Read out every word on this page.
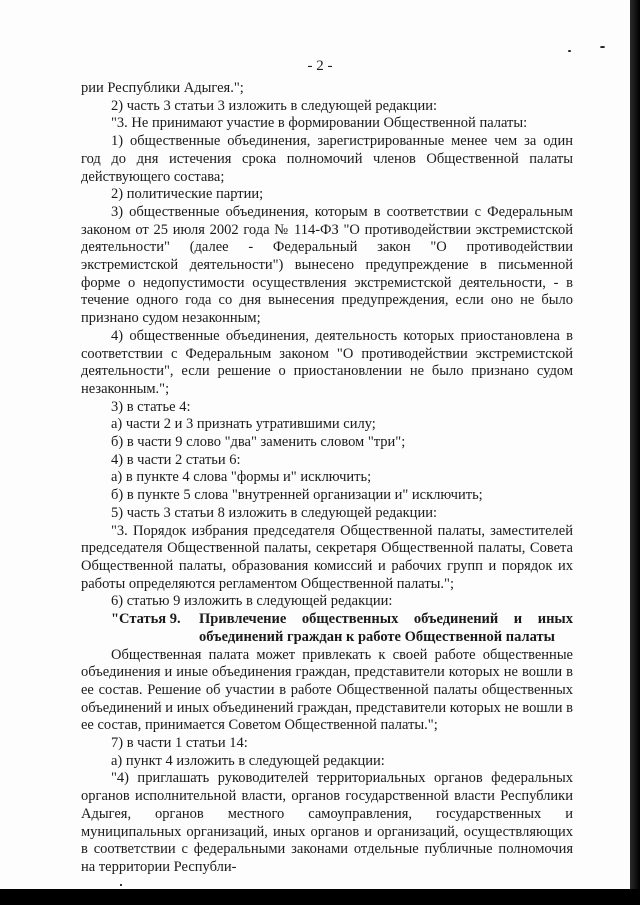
- 2 -

рии Республики Адыгея.";

2) часть 3 статьи 3 изложить в следующей редакции:

"3. Не принимают участие в формировании Общественной палаты:

1) общественные объединения, зарегистрированные менее чем за один год до дня истечения срока полномочий членов Общественной палаты действующего состава;

2) политические партии;

3) общественные объединения, которым в соответствии с Федеральным законом от 25 июля 2002 года № 114-ФЗ "О противодействии экстремистской деятельности" (далее - Федеральный закон "О противодействии экстремистской деятельности") вынесено предупреждение в письменной форме о недопустимости осуществления экстремистской деятельности, - в течение одного года со дня вынесения предупреждения, если оно не было признано судом незаконным;

4) общественные объединения, деятельность которых приостановлена в соответствии с Федеральным законом "О противодействии экстремистской деятельности", если решение о приостановлении не было признано судом незаконным.";

3) в статье 4:

а) части 2 и 3 признать утратившими силу;

б) в части 9 слово "два" заменить словом "три";

4) в части 2 статьи 6:

а) в пункте 4 слова "формы и" исключить;

б) в пункте 5 слова "внутренней организации и" исключить;

5) часть 3 статьи 8 изложить в следующей редакции:

"3. Порядок избрания председателя Общественной палаты, заместителей председателя Общественной палаты, секретаря Общественной палаты, Совета Общественной палаты, образования комиссий и рабочих групп и порядок их работы определяются регламентом Общественной палаты.";

6) статью 9 изложить в следующей редакции:

"Статья 9.	Привлечение общественных объединений и иных объединений граждан к работе Общественной палаты

Общественная палата может привлекать к своей работе общественные объединения и иные объединения граждан, представители которых не вошли в ее состав. Решение об участии в работе Общественной палаты общественных объединений и иных объединений граждан, представители которых не вошли в ее состав, принимается Советом Общественной палаты.";

7) в части 1 статьи 14:

а) пункт 4 изложить в следующей редакции:

"4) приглашать руководителей территориальных органов федеральных органов исполнительной власти, органов государственной власти Республики Адыгея, органов местного самоуправления, государственных и муниципальных организаций, иных органов и организаций, осуществляющих в соответствии с федеральными законами отдельные публичные полномочия на территории Республи-
